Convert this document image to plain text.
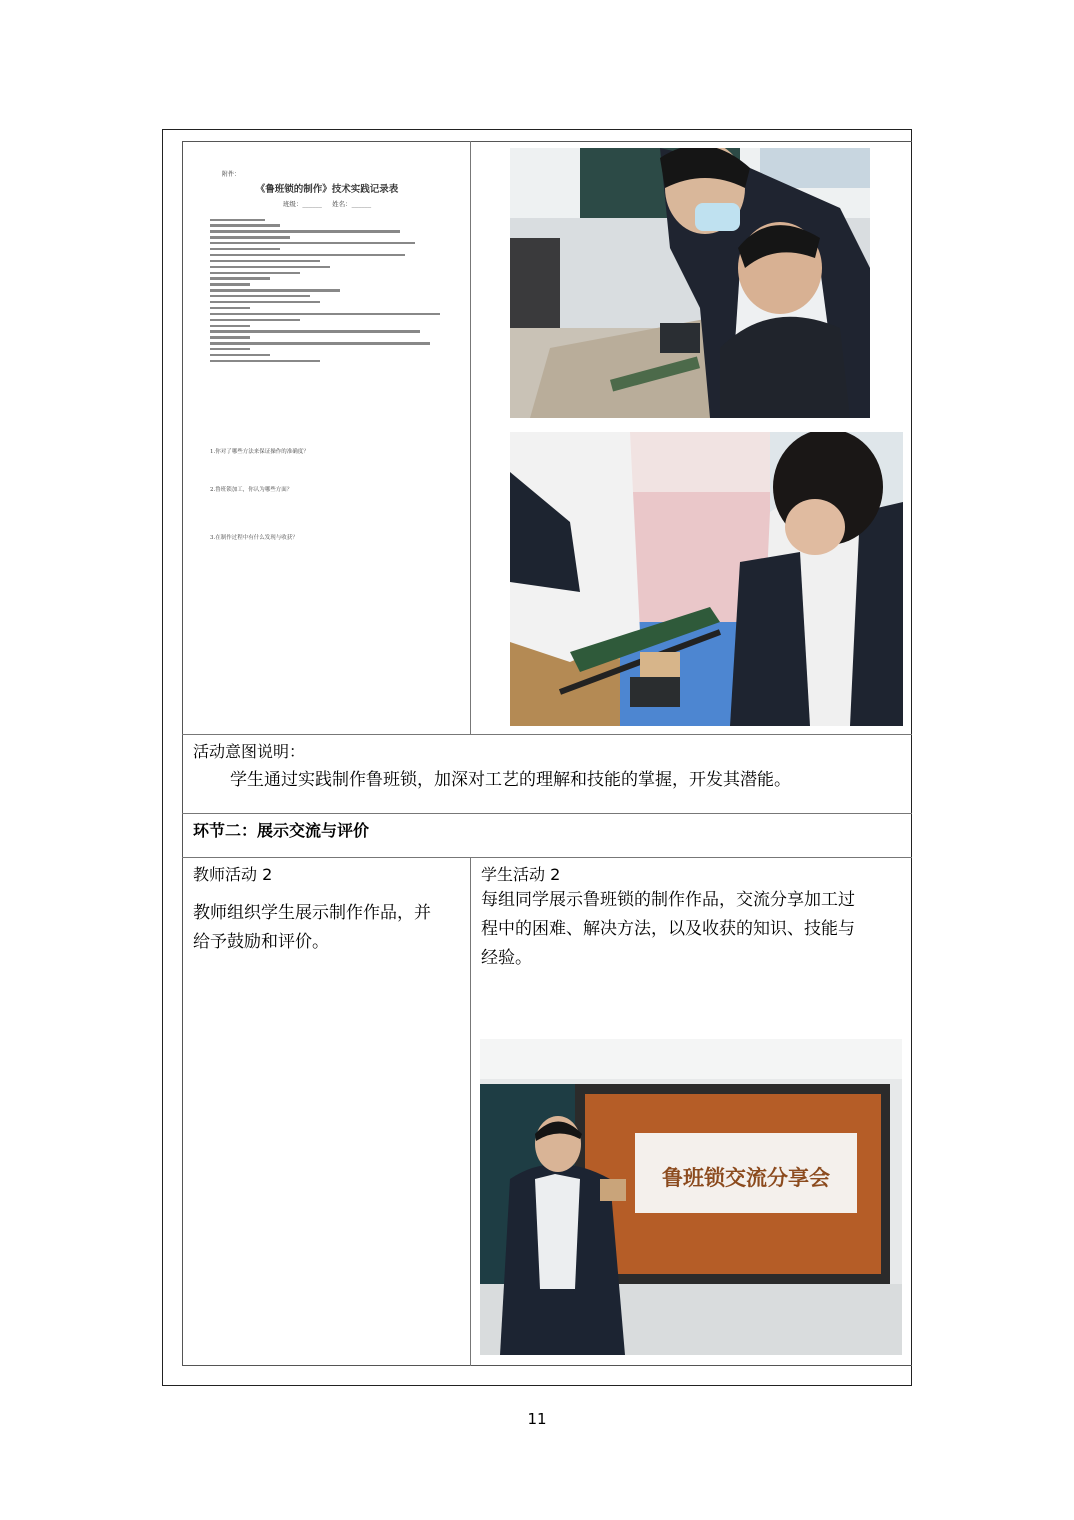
附件：
《鲁班锁的制作》技术实践记录表
班级：______ 姓名：______
1.你对了哪些方法来保证操作的准确度？
2.鲁班锁加工，你认为哪些方面？
3.在制作过程中有什么发现与收获？
活动意图说明：
学生通过实践制作鲁班锁，加深对工艺的理解和技能的掌握，开发其潜能。
环节二：展示交流与评价
教师活动 2
教师组织学生展示制作作品，并
给予鼓励和评价。
学生活动 2
每组同学展示鲁班锁的制作作品，交流分享加工过
程中的困难、解决方法，以及收获的知识、技能与
经验。
鲁班锁交流分享会
11
